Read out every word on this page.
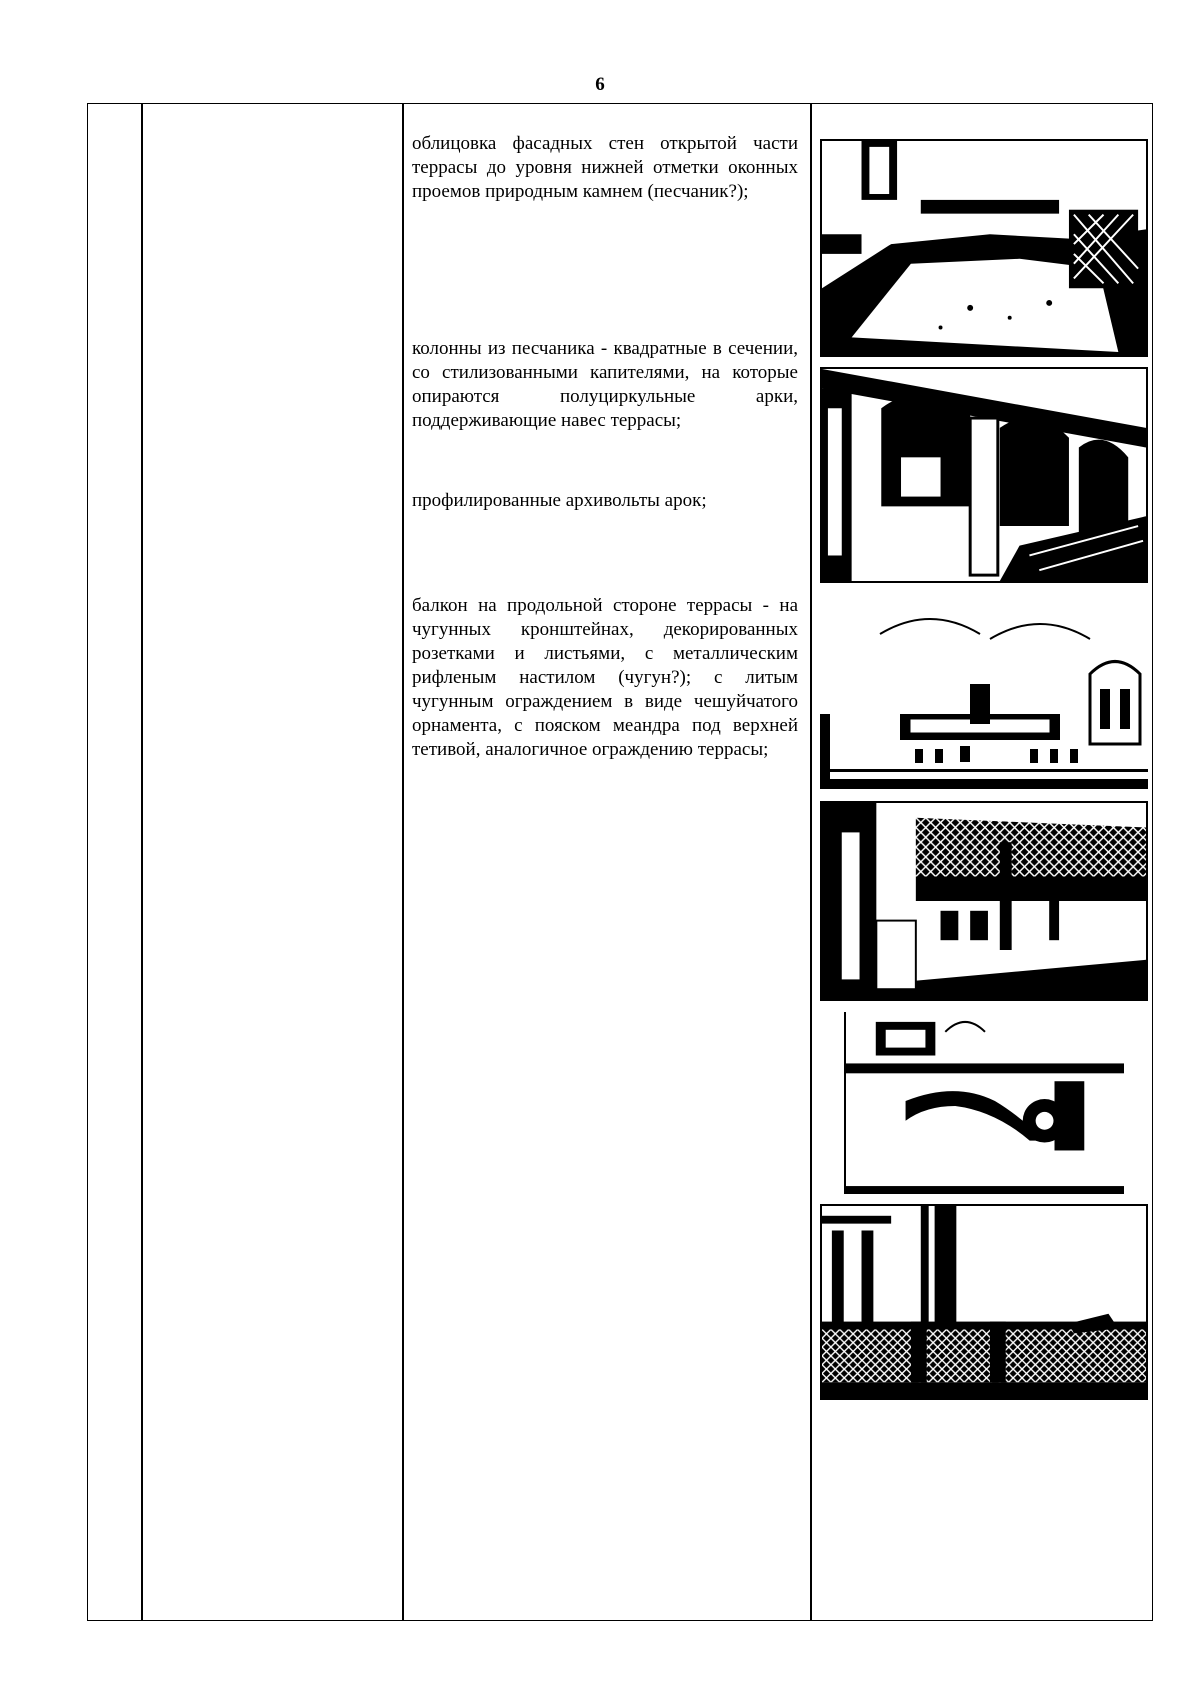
6

облицовка фасадных стен открытой части террасы до уровня нижней отметки оконных проемов природным камнем (песчаник?);

колонны из песчаника - квадратные в сечении, со стилизованными капителями, на которые опираются полуциркульные арки, поддерживающие навес террасы;

профилированные архивольты арок;

балкон на продольной стороне террасы - на чугунных кронштейнах, декорированных розетками и листьями, с металлическим рифленым настилом (чугун?); с литым чугунным ограждением в виде чешуйчатого орнамента, с пояском меандра под верхней тетивой, аналогичное ограждению террасы;
